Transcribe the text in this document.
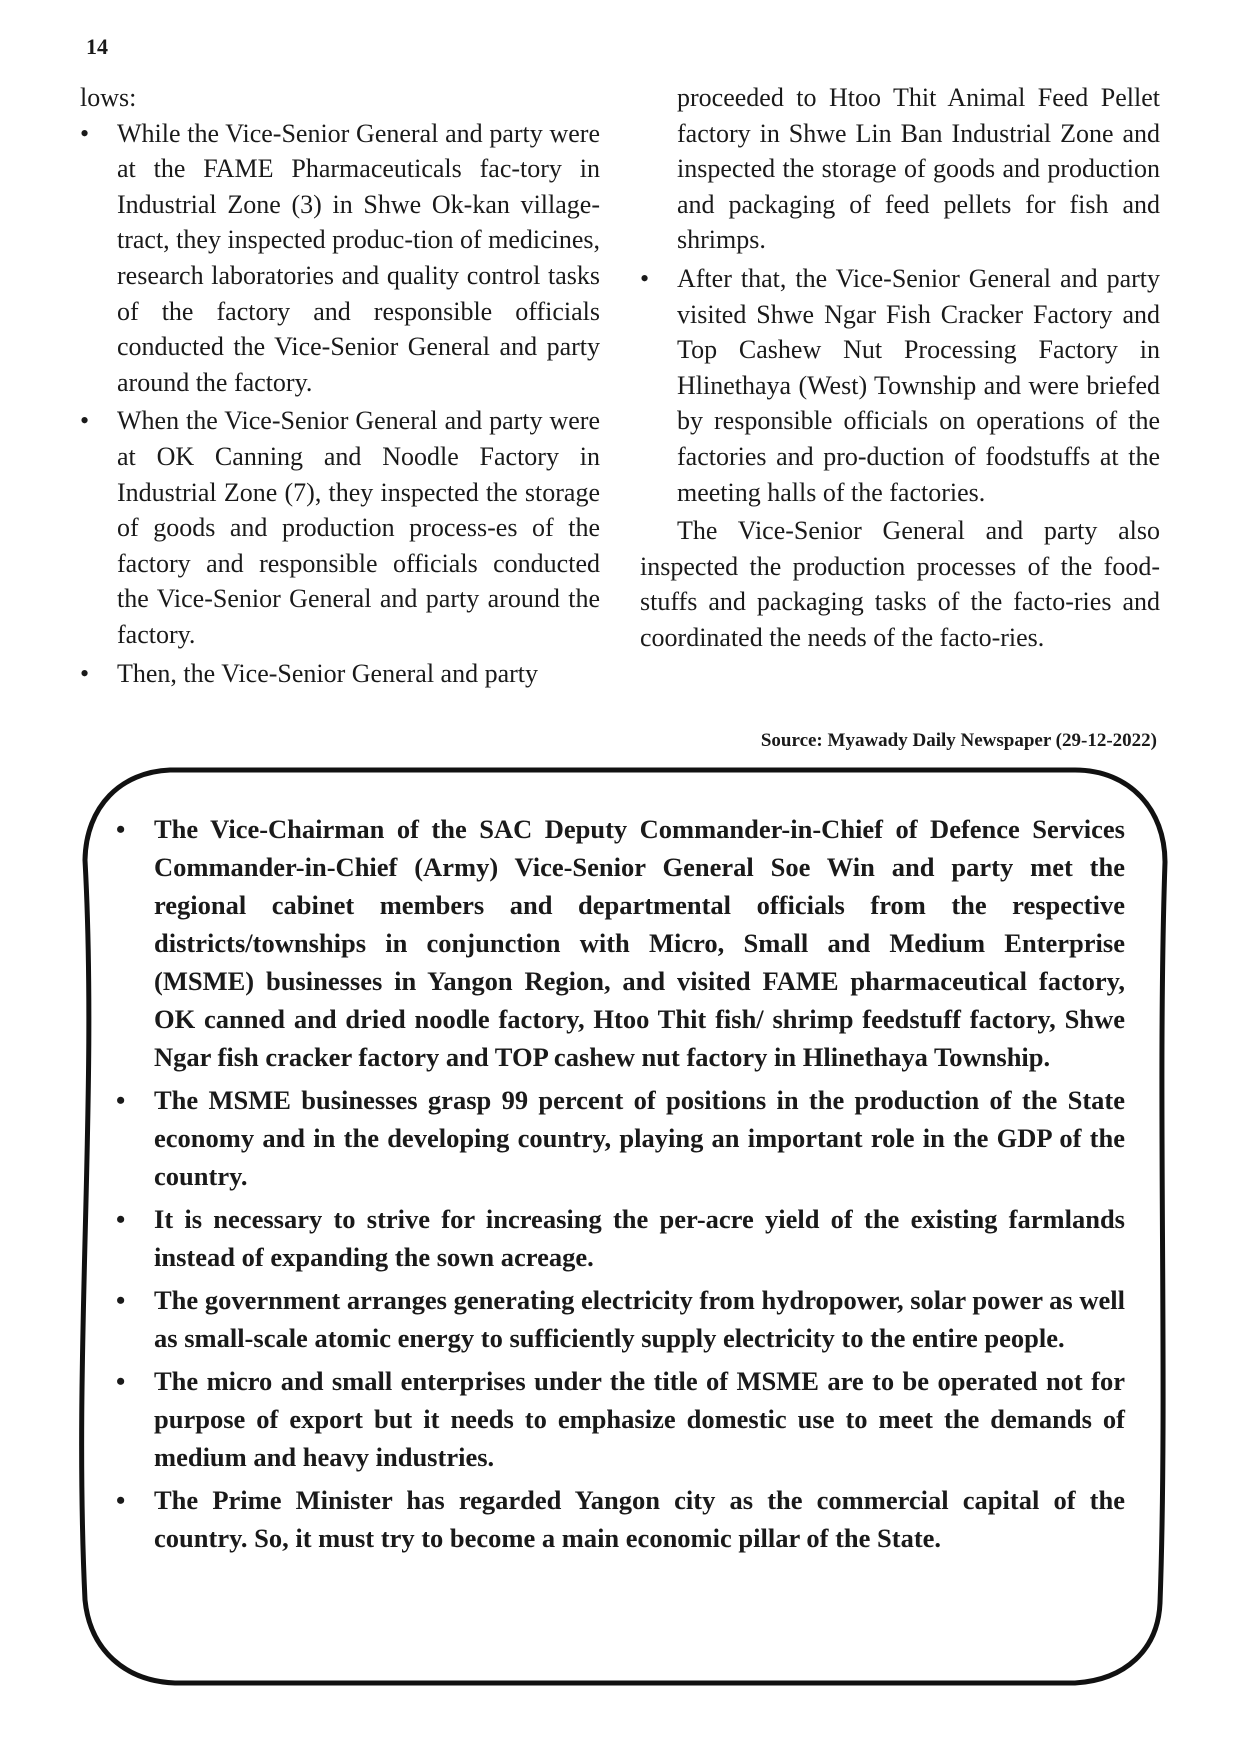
14

lows:

• While the Vice-Senior General and party were at the FAME Pharmaceuticals fac-tory in Industrial Zone (3) in Shwe Ok-kan village-tract, they inspected produc-tion of medicines, research laboratories and quality control tasks of the factory and responsible officials conducted the Vice-Senior General and party around the factory.
• When the Vice-Senior General and party were at OK Canning and Noodle Factory in Industrial Zone (7), they inspected the storage of goods and production process-es of the factory and responsible officials conducted the Vice-Senior General and party around the factory.
• Then, the Vice-Senior General and party
proceeded to Htoo Thit Animal Feed Pellet factory in Shwe Lin Ban Industrial Zone and inspected the storage of goods and production and packaging of feed pellets for fish and shrimps.
• After that, the Vice-Senior General and party visited Shwe Ngar Fish Cracker Factory and Top Cashew Nut Processing Factory in Hlinethaya (West) Township and were briefed by responsible officials on operations of the factories and pro-duction of foodstuffs at the meeting halls of the factories.

The Vice-Senior General and party also inspected the production processes of the food-stuffs and packaging tasks of the facto-ries and coordinated the needs of the facto-ries.

Source: Myawady Daily Newspaper (29-12-2022)
• The Vice-Chairman of the SAC Deputy Commander-in-Chief of Defence Services Commander-in-Chief (Army) Vice-Senior General Soe Win and party met the regional cabinet members and departmental officials from the respective districts/townships in conjunction with Micro, Small and Medium Enterprise (MSME) businesses in Yangon Region, and visited FAME pharmaceutical factory, OK canned and dried noodle factory, Htoo Thit fish/ shrimp feedstuff factory, Shwe Ngar fish cracker factory and TOP cashew nut factory in Hlinethaya Township.
• The MSME businesses grasp 99 percent of positions in the production of the State economy and in the developing country, playing an important role in the GDP of the country.
• It is necessary to strive for increasing the per-acre yield of the existing farmlands instead of expanding the sown acreage.
• The government arranges generating electricity from hydropower, solar power as well as small-scale atomic energy to sufficiently supply electricity to the entire people.
• The micro and small enterprises under the title of MSME are to be operated not for purpose of export but it needs to emphasize domestic use to meet the demands of medium and heavy industries.
• The Prime Minister has regarded Yangon city as the commercial capital of the country. So, it must try to become a main economic pillar of the State.
